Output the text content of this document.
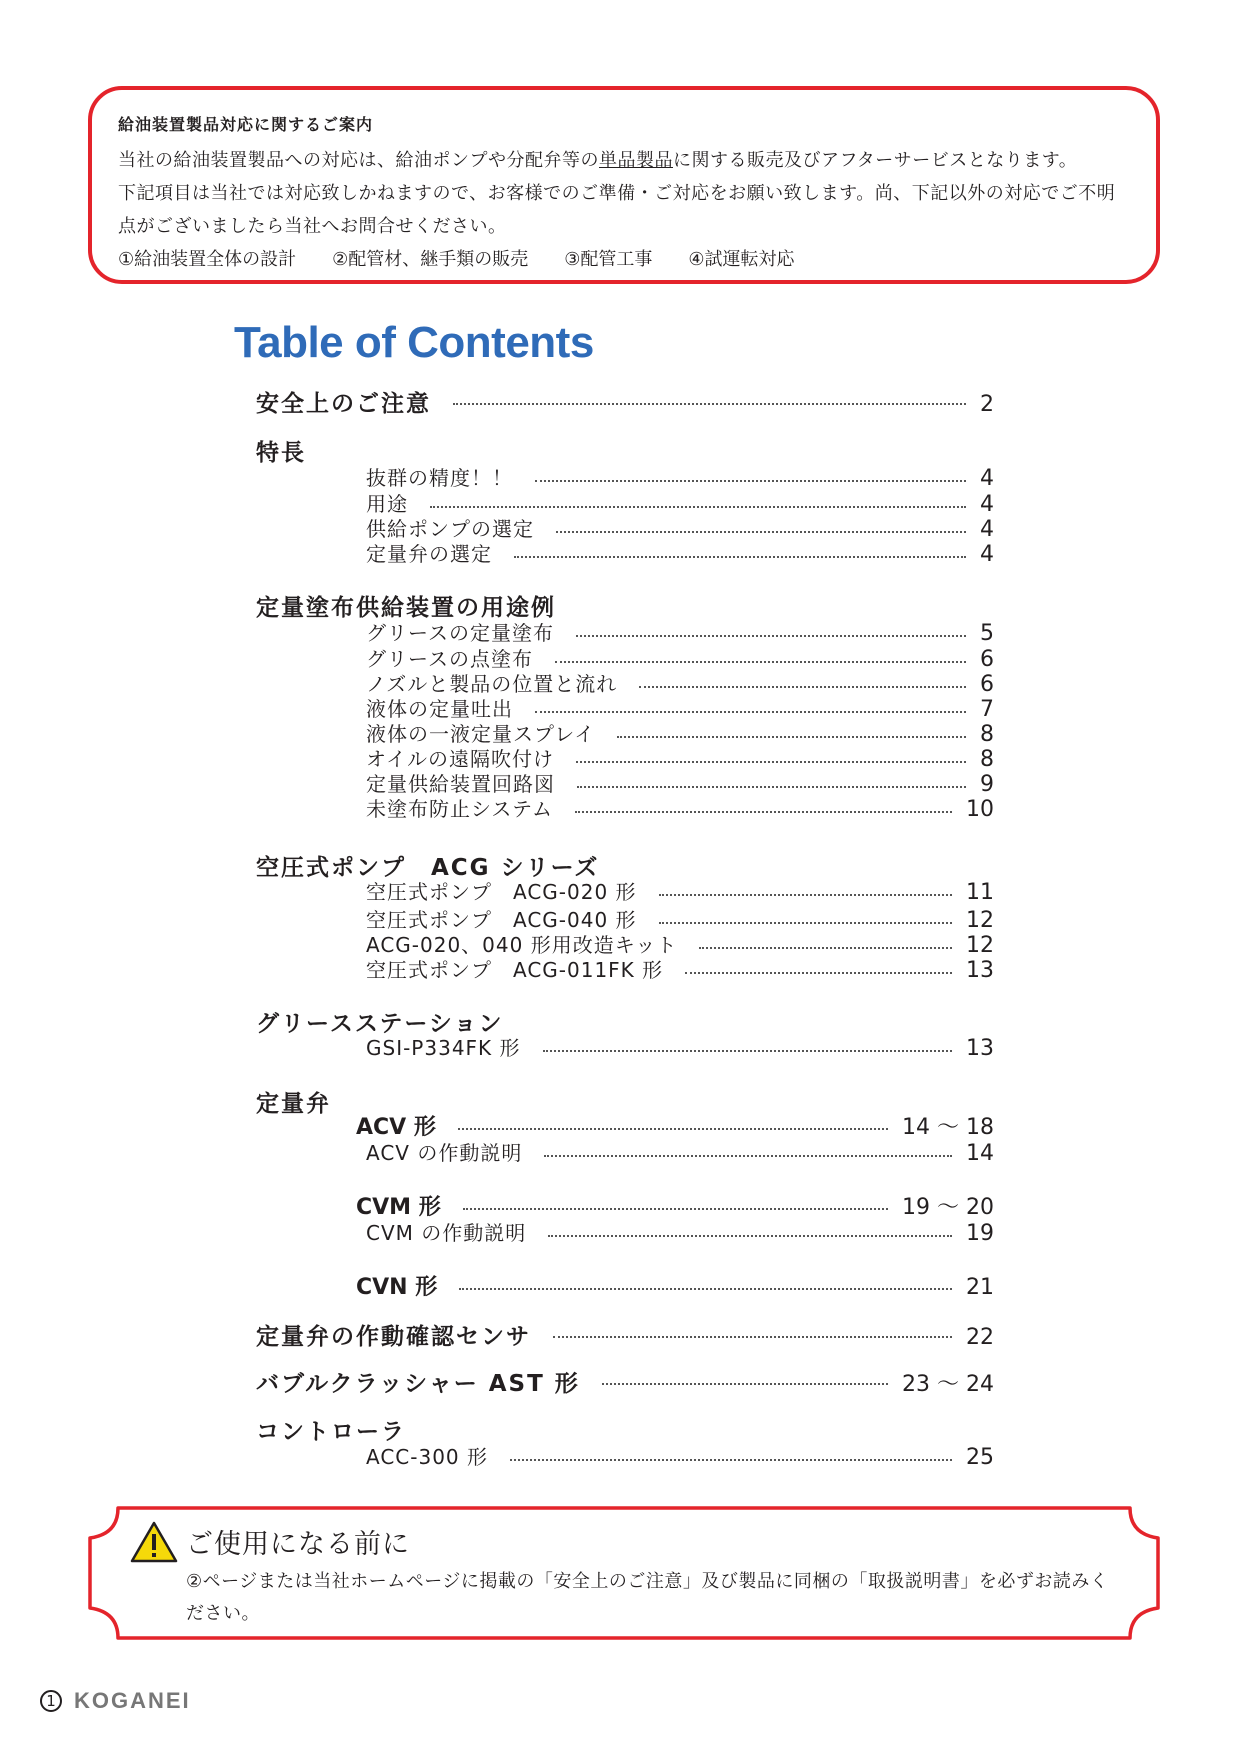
給油装置製品対応に関するご案内
当社の給油装置製品への対応は、給油ポンプや分配弁等の単品製品に関する販売及びアフターサービスとなります。
下記項目は当社では対応致しかねますので、お客様でのご準備・ご対応をお願い致します。尚、下記以外の対応でご不明
点がございましたら当社へお問合せください。
①給油装置全体の設計 ②配管材、継手類の販売 ③配管工事 ④試運転対応
Table of Contents
安全上のご注意	2
特長
抜群の精度！！	4
用途	4
供給ポンプの選定	4
定量弁の選定	4
定量塗布供給装置の用途例
グリースの定量塗布	5
グリースの点塗布	6
ノズルと製品の位置と流れ	6
液体の定量吐出	7
液体の一液定量スプレイ	8
オイルの遠隔吹付け	8
定量供給装置回路図	9
未塗布防止システム	10
空圧式ポンプ　ACG シリーズ
空圧式ポンプ　ACG-020 形	11
空圧式ポンプ　ACG-040 形	12
ACG-020、040 形用改造キット	12
空圧式ポンプ　ACG-011FK 形	13
グリースステーション
GSI-P334FK 形	13
定量弁
ACV 形	14 ～ 18
ACV の作動説明	14
CVM 形	19 ～ 20
CVM の作動説明	19
CVN 形	21
定量弁の作動確認センサ	22
バブルクラッシャー AST 形	23 ～ 24
コントローラ
ACC-300 形	25
ご使用になる前に
②ページまたは当社ホームページに掲載の「安全上のご注意」及び製品に同梱の「取扱説明書」を必ずお読みください。
1 KOGANEI
